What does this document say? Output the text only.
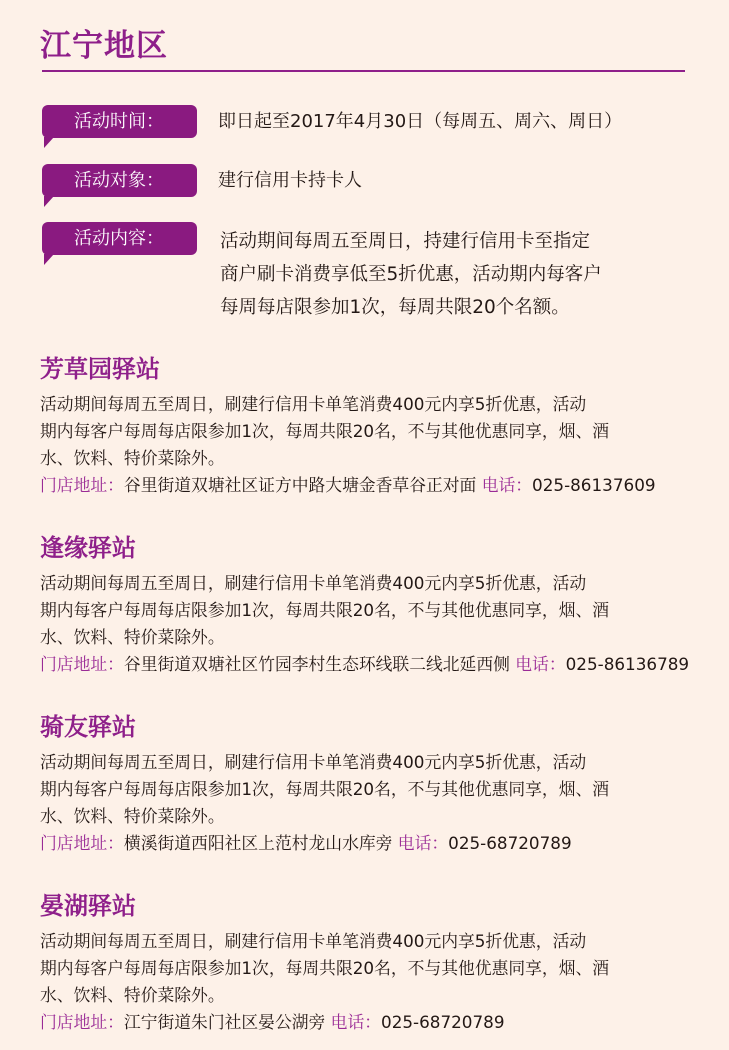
江宁地区
活动时间：	即日起至2017年4月30日（每周五、周六、周日）
活动对象：	建行信用卡持卡人
活动内容：	活动期间每周五至周日，持建行信用卡至指定
商户刷卡消费享低至5折优惠，活动期内每客户
每周每店限参加1次，每周共限20个名额。
芳草园驿站
活动期间每周五至周日，刷建行信用卡单笔消费400元内享5折优惠，活动
期内每客户每周每店限参加1次，每周共限20名，不与其他优惠同享，烟、酒
水、饮料、特价菜除外。
门店地址：谷里街道双塘社区证方中路大塘金香草谷正对面 电话：025-86137609
逢缘驿站
活动期间每周五至周日，刷建行信用卡单笔消费400元内享5折优惠，活动
期内每客户每周每店限参加1次，每周共限20名，不与其他优惠同享，烟、酒
水、饮料、特价菜除外。
门店地址：谷里街道双塘社区竹园李村生态环线联二线北延西侧 电话：025-86136789
骑友驿站
活动期间每周五至周日，刷建行信用卡单笔消费400元内享5折优惠，活动
期内每客户每周每店限参加1次，每周共限20名，不与其他优惠同享，烟、酒
水、饮料、特价菜除外。
门店地址：横溪街道西阳社区上范村龙山水库旁 电话：025-68720789
晏湖驿站
活动期间每周五至周日，刷建行信用卡单笔消费400元内享5折优惠，活动
期内每客户每周每店限参加1次，每周共限20名，不与其他优惠同享，烟、酒
水、饮料、特价菜除外。
门店地址：江宁街道朱门社区晏公湖旁 电话：025-68720789
